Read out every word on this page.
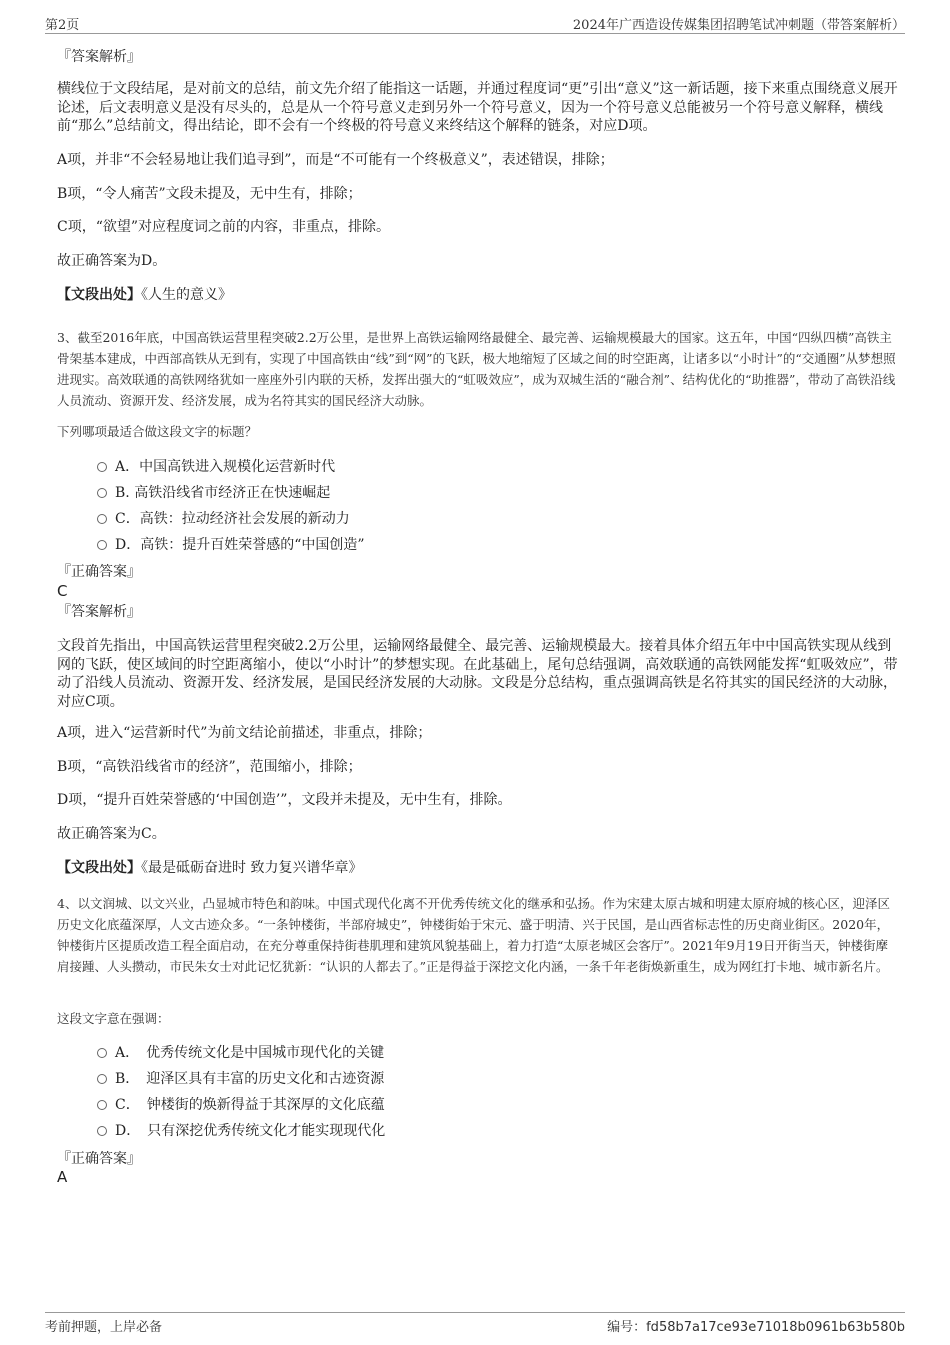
第2页	2024年广西造设传媒集团招聘笔试冲刺题（带答案解析）
『答案解析』
横线位于文段结尾，是对前文的总结，前文先介绍了能指这一话题，并通过程度词“更”引出“意义”这一新话题，接下来重点围绕意义展开论述，后文表明意义是没有尽头的，总是从一个符号意义走到另外一个符号意义，因为一个符号意义总能被另一个符号意义解释，横线前“那么”总结前文，得出结论，即不会有一个终极的符号意义来终结这个解释的链条，对应D项。
A项，并非“不会轻易地让我们追寻到”，而是“不可能有一个终极意义”，表述错误，排除；
B项，“令人痛苦”文段未提及，无中生有，排除；
C项，“欲望”对应程度词之前的内容，非重点，排除。
故正确答案为D。
【文段出处】《人生的意义》
3、截至2016年底，中国高铁运营里程突破2.2万公里，是世界上高铁运输网络最健全、最完善、运输规模最大的国家。这五年，中国“四纵四横”高铁主骨架基本建成，中西部高铁从无到有，实现了中国高铁由“线”到“网”的飞跃，极大地缩短了区域之间的时空距离，让诸多以“小时计”的“交通圈”从梦想照进现实。高效联通的高铁网络犹如一座座外引内联的天桥，发挥出强大的“虹吸效应”，成为双城生活的“融合剂”、结构优化的“助推器”，带动了高铁沿线人员流动、资源开发、经济发展，成为名符其实的国民经济大动脉。
下列哪项最适合做这段文字的标题？
A．中国高铁进入规模化运营新时代
B. 高铁沿线省市经济正在快速崛起
C．高铁：拉动经济社会发展的新动力
D．高铁：提升百姓荣誉感的“中国创造”
『正确答案』
C
『答案解析』
文段首先指出，中国高铁运营里程突破2.2万公里，运输网络最健全、最完善、运输规模最大。接着具体介绍五年中中国高铁实现从线到网的飞跃，使区域间的时空距离缩小，使以“小时计”的梦想实现。在此基础上，尾句总结强调，高效联通的高铁网能发挥“虹吸效应”，带动了沿线人员流动、资源开发、经济发展，是国民经济发展的大动脉。文段是分总结构，重点强调高铁是名符其实的国民经济的大动脉，对应C项。
A项，进入“运营新时代”为前文结论前描述，非重点，排除；
B项，“高铁沿线省市的经济”，范围缩小，排除；
D项，“提升百姓荣誉感的‘中国创造’”，文段并未提及，无中生有，排除。
故正确答案为C。
【文段出处】《最是砥砺奋进时 致力复兴谱华章》
4、以文润城、以文兴业，凸显城市特色和韵味。中国式现代化离不开优秀传统文化的继承和弘扬。作为宋建太原古城和明建太原府城的核心区，迎泽区历史文化底蕴深厚，人文古迹众多。“一条钟楼街，半部府城史”，钟楼街始于宋元、盛于明清、兴于民国，是山西省标志性的历史商业街区。2020年，钟楼街片区提质改造工程全面启动，在充分尊重保持街巷肌理和建筑风貌基础上，着力打造“太原老城区会客厅”。2021年9月19日开街当天，钟楼街摩肩接踵、人头攒动，市民朱女士对此记忆犹新：“认识的人都去了。”正是得益于深挖文化内涵，一条千年老街焕新重生，成为网红打卡地、城市新名片。
这段文字意在强调：
A．　优秀传统文化是中国城市现代化的关键
B．　迎泽区具有丰富的历史文化和古迹资源
C．　钟楼街的焕新得益于其深厚的文化底蕴
D．　只有深挖优秀传统文化才能实现现代化
『正确答案』
A
考前押题，上岸必备	编号：fd58b7a17ce93e71018b0961b63b580b
